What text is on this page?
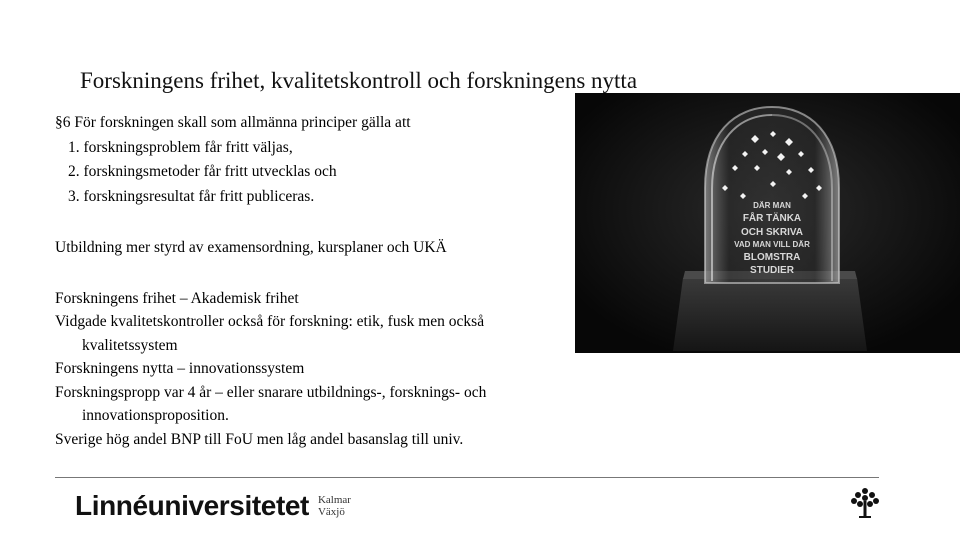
Forskningens frihet, kvalitetskontroll och forskningens nytta

§6 För forskningen skall som allmänna principer gälla att

1. forskningsproblem får fritt väljas,

2. forskningsmetoder får fritt utvecklas och

3. forskningsresultat får fritt publiceras.

Utbildning mer styrd av examensordning, kursplaner och UKÄ

Forskningens frihet – Akademisk frihet

Vidgade kvalitetskontroller också för forskning: etik, fusk men också kvalitetssystem

Forskningens nytta – innovationssystem

Forskningspropp var 4 år – eller snarare utbildnings-, forsknings- och innovationsproposition.

Sverige hög andel BNP till FoU men låg andel basanslag till univ.

DÄR MAN
FÅR TÄNKA
OCH SKRIVA
VAD MAN VILL DÄR
BLOMSTRA
STUDIER
Linnéuniversitetet Kalmar
Växjö
